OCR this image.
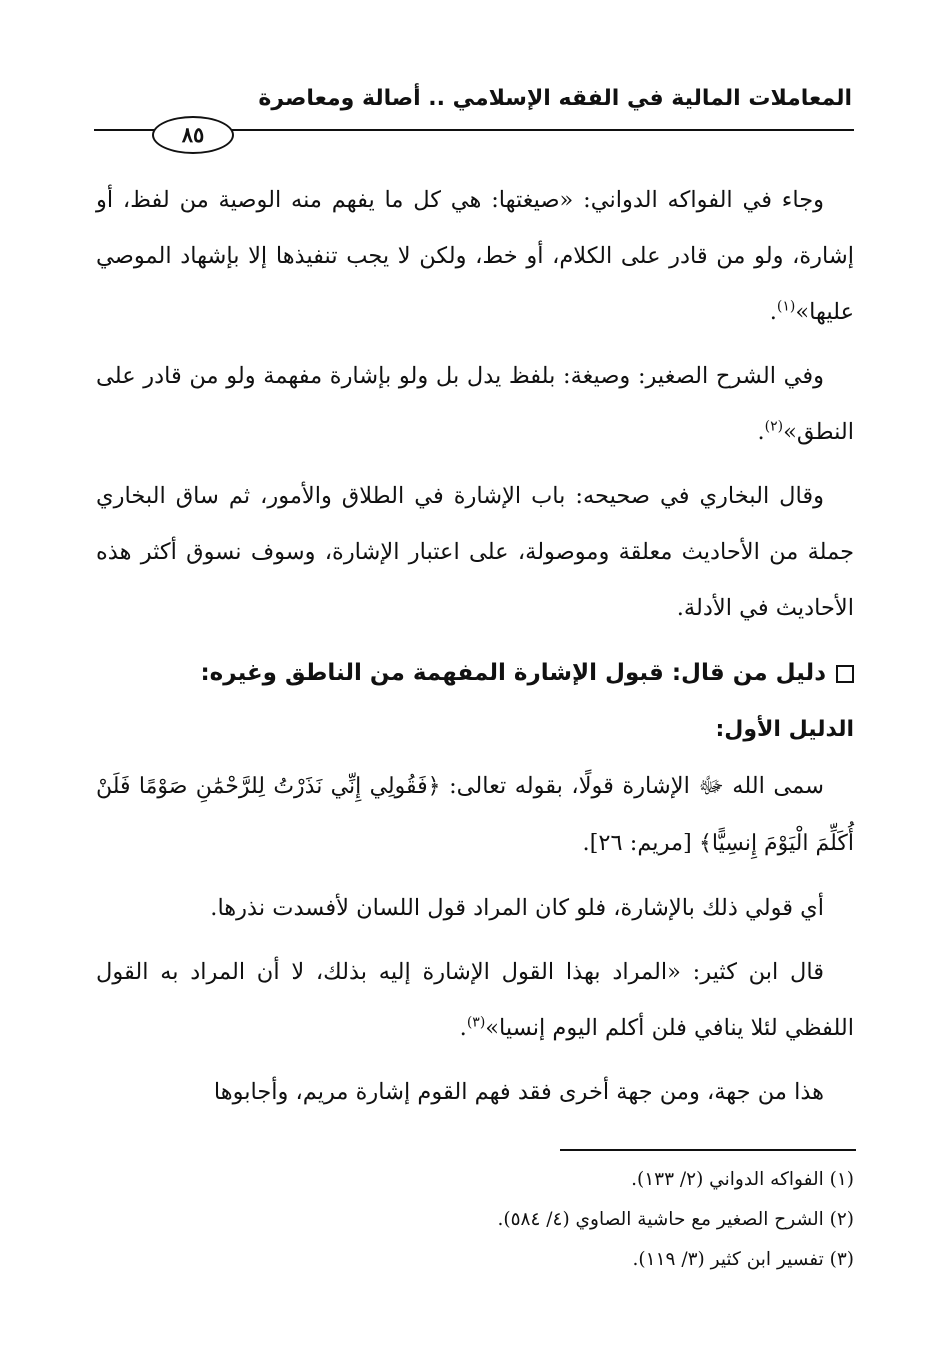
المعاملات المالية في الفقه الإسلامي .. أصالة ومعاصرة
٨٥

وجاء في الفواكه الدواني: «صيغتها: هي كل ما يفهم منه الوصية من لفظ، أو إشارة، ولو من قادر على الكلام، أو خط، ولكن لا يجب تنفيذها إلا بإشهاد الموصي عليها»$^{(١)}$.

وفي الشرح الصغير: وصيغة: بلفظ يدل بل ولو بإشارة مفهمة ولو من قادر على النطق»$^{(٢)}$.

وقال البخاري في صحيحه: باب الإشارة في الطلاق والأمور، ثم ساق البخاري جملة من الأحاديث معلقة وموصولة، على اعتبار الإشارة، وسوف نسوق أكثر هذه الأحاديث في الأدلة.

دليل من قال: قبول الإشارة المفهمة من الناطق وغيره:
الدليل الأول:

سمى الله ﷻ الإشارة قولًا، بقوله تعالى: ﴿فَقُولِي إِنِّي نَذَرْتُ لِلرَّحْمَٰنِ صَوْمًا فَلَنْ أُكَلِّمَ الْيَوْمَ إِنسِيًّا﴾ [مريم: ٢٦].

أي قولي ذلك بالإشارة، فلو كان المراد قول اللسان لأفسدت نذرها.

قال ابن كثير: «المراد بهذا القول الإشارة إليه بذلك، لا أن المراد به القول اللفظي لئلا ينافي فلن أكلم اليوم إنسيا»$^{(٣)}$.

هذا من جهة، ومن جهة أخرى فقد فهم القوم إشارة مريم، وأجابوها

(١) الفواكه الدواني (٢/ ١٣٣).
(٢) الشرح الصغير مع حاشية الصاوي (٤/ ٥٨٤).
(٣) تفسير ابن كثير (٣/ ١١٩).
